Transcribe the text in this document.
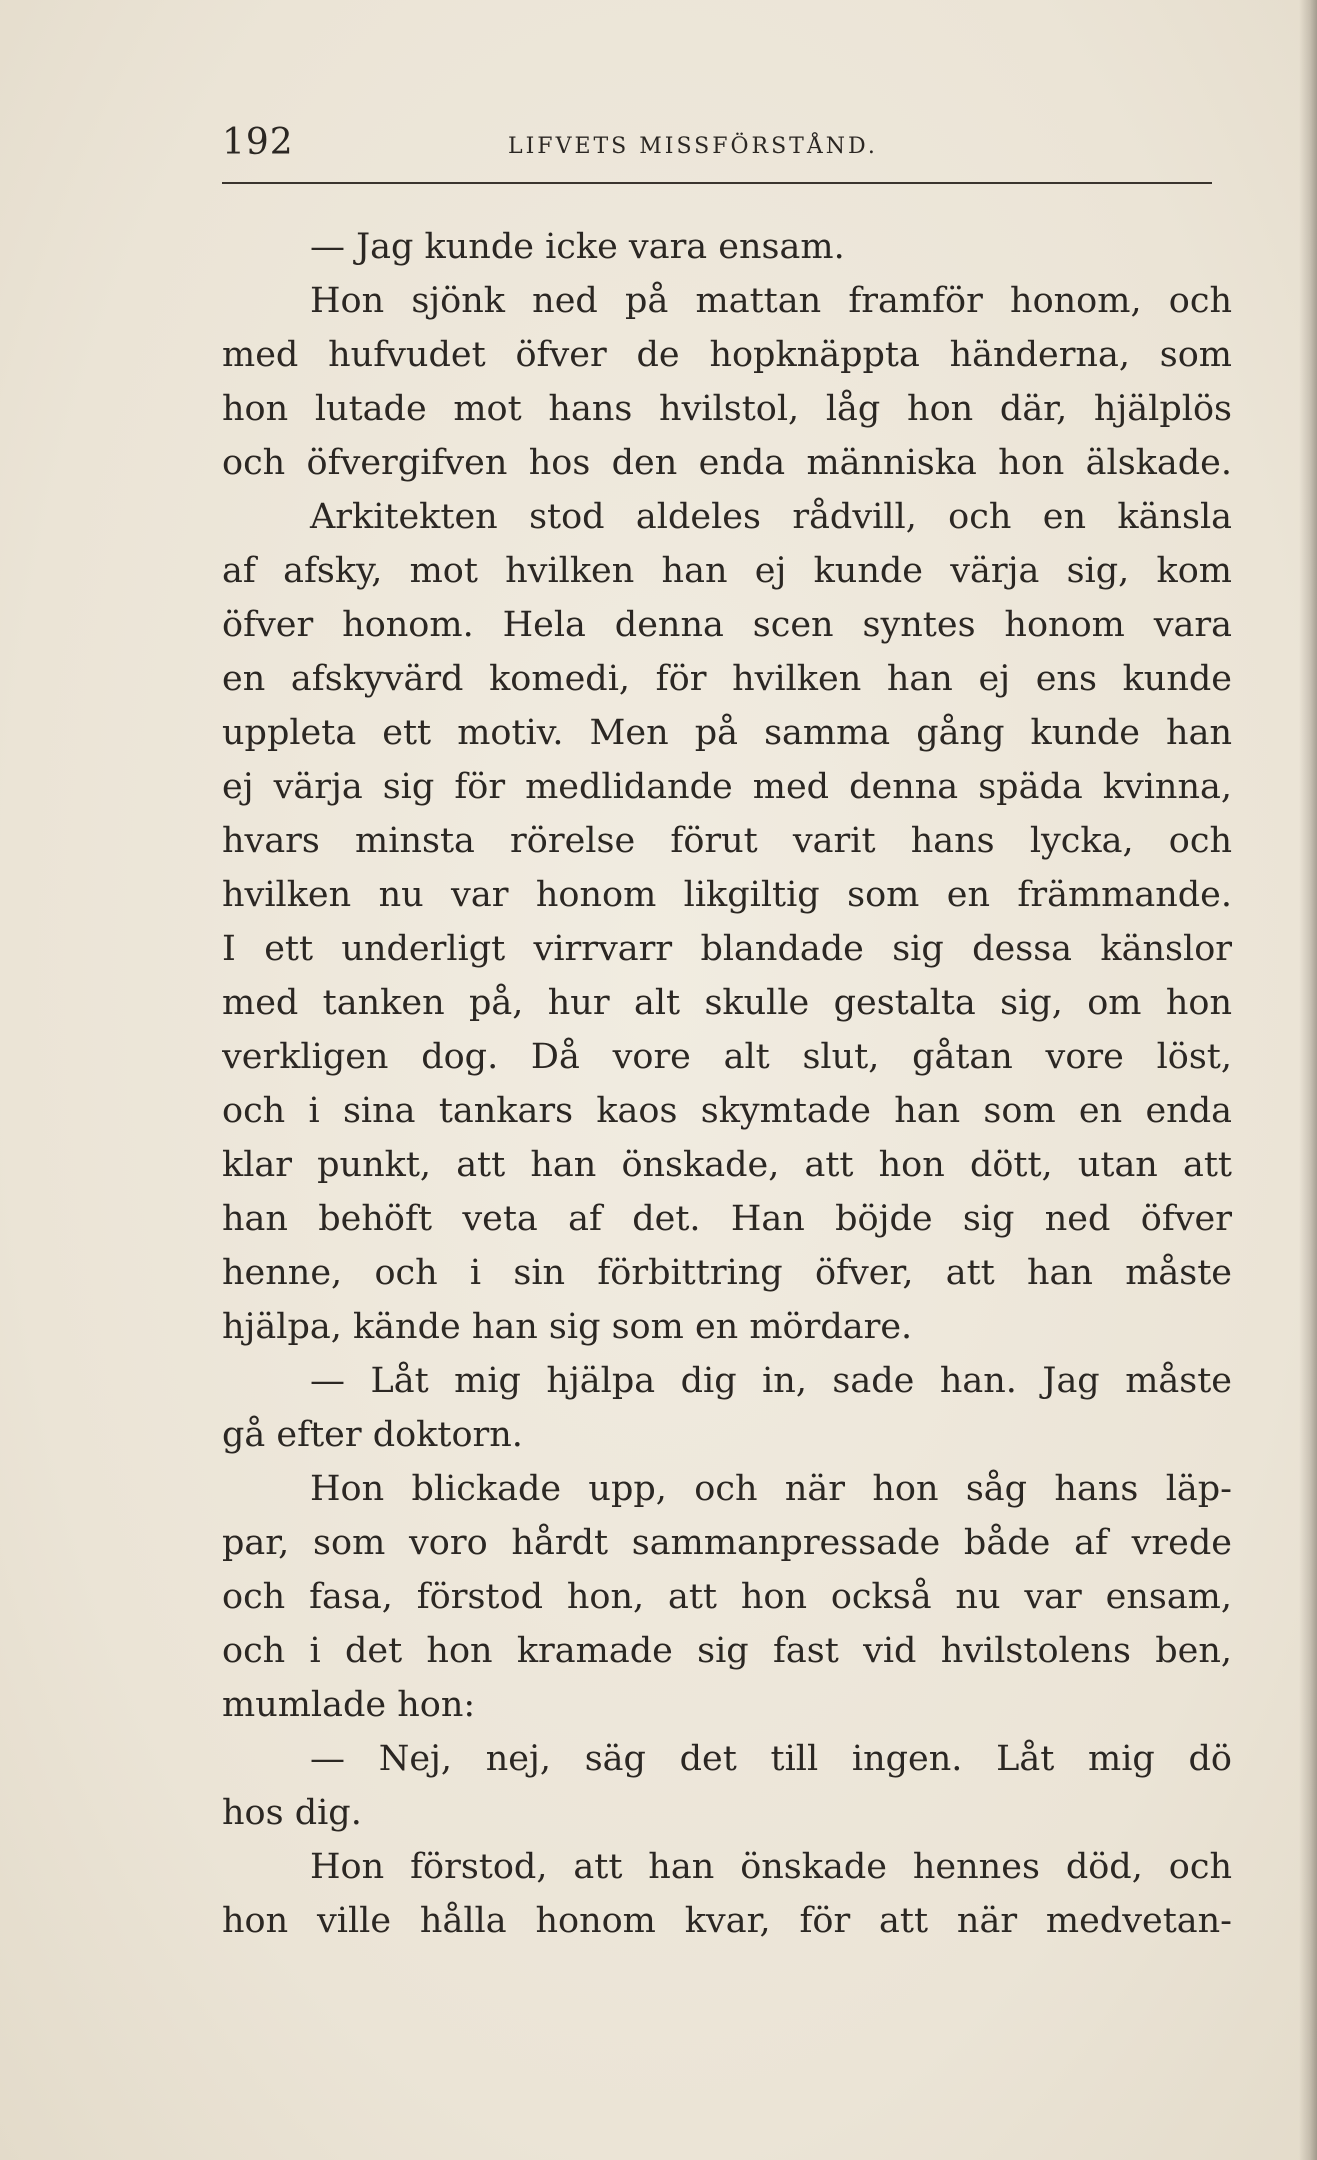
192	LIFVETS MISSFÖRSTÅND.
— Jag kunde icke vara ensam.
Hon sjönk ned på mattan framför honom, och
med hufvudet öfver de hopknäppta händerna, som
hon lutade mot hans hvilstol, låg hon där, hjälplös
och öfvergifven hos den enda människa hon älskade.
Arkitekten stod aldeles rådvill, och en känsla
af afsky, mot hvilken han ej kunde värja sig, kom
öfver honom. Hela denna scen syntes honom vara
en afskyvärd komedi, för hvilken han ej ens kunde
uppleta ett motiv. Men på samma gång kunde han
ej värja sig för medlidande med denna späda kvinna,
hvars minsta rörelse förut varit hans lycka, och
hvilken nu var honom likgiltig som en främmande.
I ett underligt virrvarr blandade sig dessa känslor
med tanken på, hur alt skulle gestalta sig, om hon
verkligen dog. Då vore alt slut, gåtan vore löst,
och i sina tankars kaos skymtade han som en enda
klar punkt, att han önskade, att hon dött, utan att
han behöft veta af det. Han böjde sig ned öfver
henne, och i sin förbittring öfver, att han måste
hjälpa, kände han sig som en mördare.
— Låt mig hjälpa dig in, sade han. Jag måste
gå efter doktorn.
Hon blickade upp, och när hon såg hans läp-
par, som voro hårdt sammanpressade både af vrede
och fasa, förstod hon, att hon också nu var ensam,
och i det hon kramade sig fast vid hvilstolens ben,
mumlade hon:
— Nej, nej, säg det till ingen. Låt mig dö
hos dig.
Hon förstod, att han önskade hennes död, och
hon ville hålla honom kvar, för att när medvetan-
